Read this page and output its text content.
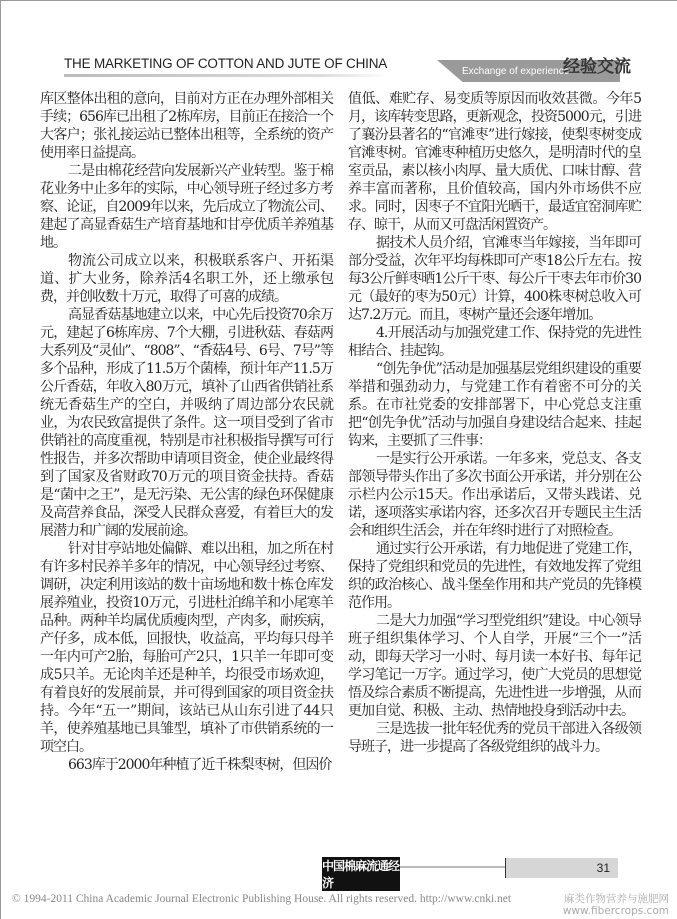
THE MARKETING OF COTTON AND JUTE OF CHINA
Exchange of experience
经验交流

库区整体出租的意向，目前对方正在办理外部相关手续；656库已出租了2栋库房，目前正在接洽一个大客户；张礼接运站已整体出租等，全系统的资产使用率日益提高。

二是由棉花经营向发展新兴产业转型。鉴于棉花业务中止多年的实际，中心领导班子经过多方考察、论证，自2009年以来，先后成立了物流公司、建起了高显香菇生产培育基地和甘亭优质羊养殖基地。

物流公司成立以来，积极联系客户、开拓渠道、扩大业务，除养活4名职工外，还上缴承包费，并创收数十万元，取得了可喜的成绩。

高显香菇基地建立以来，中心先后投资70余万元，建起了6栋库房、7个大棚，引进秋菇、春菇两大系列及“灵仙”、“808”、“香菇4号、6号、7号”等多个品种，形成了11.5万个菌棒，预计年产11.5万公斤香菇，年收入80万元，填补了山西省供销社系统无香菇生产的空白，并吸纳了周边部分农民就业，为农民致富提供了条件。这一项目受到了省市供销社的高度重视，特别是市社积极指导撰写可行性报告，并多次帮助申请项目资金，使企业最终得到了国家及省财政70万元的项目资金扶持。香菇是“菌中之王”，是无污染、无公害的绿色环保健康及高营养食品，深受人民群众喜爱，有着巨大的发展潜力和广阔的发展前途。

针对甘亭站地处偏僻、难以出租，加之所在村有许多村民养羊多年的情况，中心领导经过考察、调研，决定利用该站的数十亩场地和数十栋仓库发展养殖业，投资10万元，引进杜泊绵羊和小尾寒羊品种。两种羊均属优质瘦肉型，产肉多，耐疾病，产仔多，成本低，回报快，收益高，平均每只母羊一年内可产2胎，每胎可产2只，1只羊一年即可变成5只羊。无论肉羊还是种羊，均很受市场欢迎，有着良好的发展前景，并可得到国家的项目资金扶持。今年“五一”期间，该站已从山东引进了44只羊，使养殖基地已具雏型，填补了市供销系统的一项空白。

663库于2000年种植了近千株梨枣树，但因价

值低、难贮存、易变质等原因而收效甚微。今年5月，该库转变思路，更新观念，投资5000元，引进了襄汾县著名的“官滩枣”进行嫁接，使梨枣树变成官滩枣树。官滩枣种植历史悠久，是明清时代的皇室贡品，素以核小肉厚、量大质优、口味甘醇、营养丰富而著称，且价值较高，国内外市场供不应求。同时，因枣子不宜阳光晒干，最适宜窑洞库贮存、晾干，从而又可盘活闲置资产。

据技术人员介绍，官滩枣当年嫁接，当年即可部分受益，次年平均每株即可产枣18公斤左右。按每3公斤鲜枣晒1公斤干枣、每公斤干枣去年市价30元（最好的枣为50元）计算，400株枣树总收入可达7.2万元。而且，枣树产量还会逐年增加。

4.开展活动与加强党建工作、保持党的先进性相结合、挂起钩。

“创先争优”活动是加强基层党组织建设的重要举措和强劲动力，与党建工作有着密不可分的关系。在市社党委的安排部署下，中心党总支注重把“创先争优”活动与加强自身建设结合起来、挂起钩来，主要抓了三件事：

一是实行公开承诺。一年多来，党总支、各支部领导带头作出了多次书面公开承诺，并分别在公示栏内公示15天。作出承诺后，又带头践诺、兑诺，逐项落实承诺内容，还多次召开专题民主生活会和组织生活会，并在年终时进行了对照检查。

通过实行公开承诺，有力地促进了党建工作，保持了党组织和党员的先进性，有效地发挥了党组织的政治核心、战斗堡垒作用和共产党员的先锋模范作用。

二是大力加强“学习型党组织”建设。中心领导班子组织集体学习、个人自学，开展“三个一”活动，即每天学习一小时、每月读一本好书、每年记学习笔记一万字。通过学习，使广大党员的思想觉悟及综合素质不断提高，先进性进一步增强，从而更加自觉、积极、主动、热情地投身到活动中去。

三是选拔一批年轻优秀的党员干部进入各级领导班子，进一步提高了各级党组织的战斗力。

中国棉麻流通经济
31
© 1994-2011 China Academic Journal Electronic Publishing House. All rights reserved. http://www.cnki.net	麻类作物营养与施肥网
www.fibercrops.com
